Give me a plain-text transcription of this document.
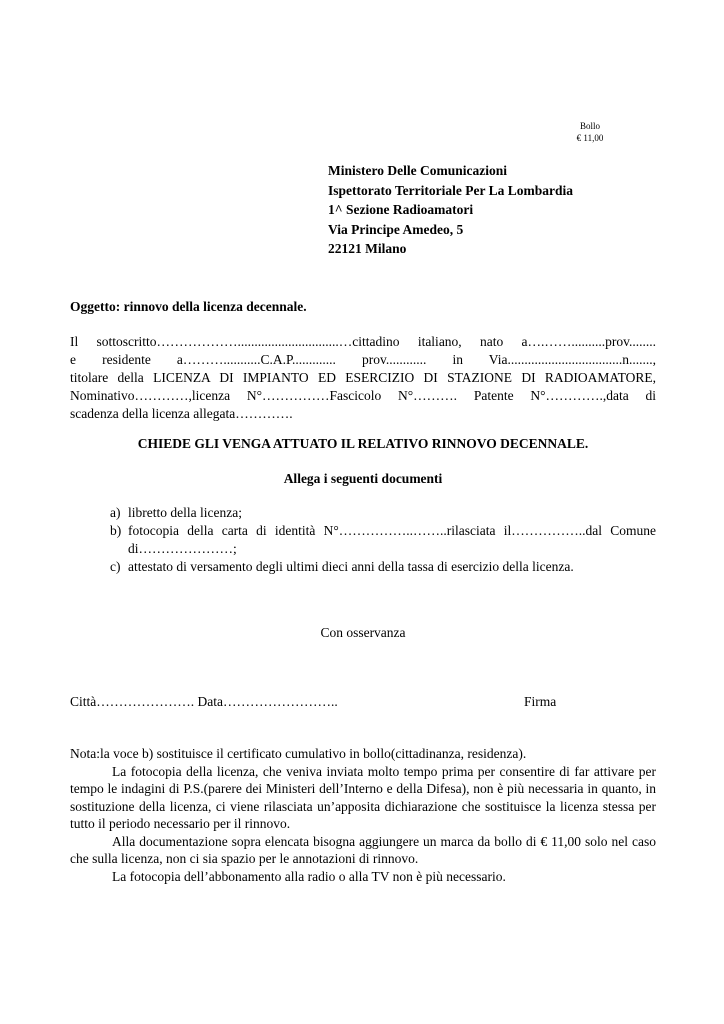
Bollo
€ 11,00
Ministero Delle Comunicazioni
Ispettorato Territoriale Per La Lombardia
1^ Sezione Radioamatori
Via Principe Amedeo, 5
22121 Milano
Oggetto: rinnovo della licenza decennale.
Il sottoscritto………………..............................…cittadino italiano, nato a….……..........prov........
e residente a………...........C.A.P............. prov............ in Via..................................n.......,
titolare della LICENZA DI IMPIANTO ED ESERCIZIO DI STAZIONE DI RADIOAMATORE,
Nominativo…………,licenza N°……………Fascicolo N°………. Patente N°………….,data di
scadenza della licenza allegata………….
CHIEDE GLI VENGA ATTUATO IL RELATIVO RINNOVO DECENNALE.
Allega i seguenti documenti
a) libretto della licenza;
b) fotocopia della carta di identità N°……………..……..rilasciata il……………..dal Comune
di…………………;
c) attestato di versamento degli ultimi dieci anni della tassa di esercizio della licenza.
Con osservanza
Città…………………. Data……………………..	Firma

Nota:la voce b) sostituisce il certificato cumulativo in bollo(cittadinanza, residenza).

La fotocopia della licenza, che veniva inviata molto tempo prima per consentire di far attivare per tempo le indagini di P.S.(parere dei Ministeri dell’Interno e della Difesa), non è più necessaria in quanto, in sostituzione della licenza, ci viene rilasciata un’apposita dichiarazione che sostituisce la licenza stessa per tutto il periodo necessario per il rinnovo.

Alla documentazione sopra elencata bisogna aggiungere un marca da bollo di € 11,00 solo nel caso che sulla licenza, non ci sia spazio per le annotazioni di rinnovo.

La fotocopia dell’abbonamento alla radio o alla TV non è più necessario.
